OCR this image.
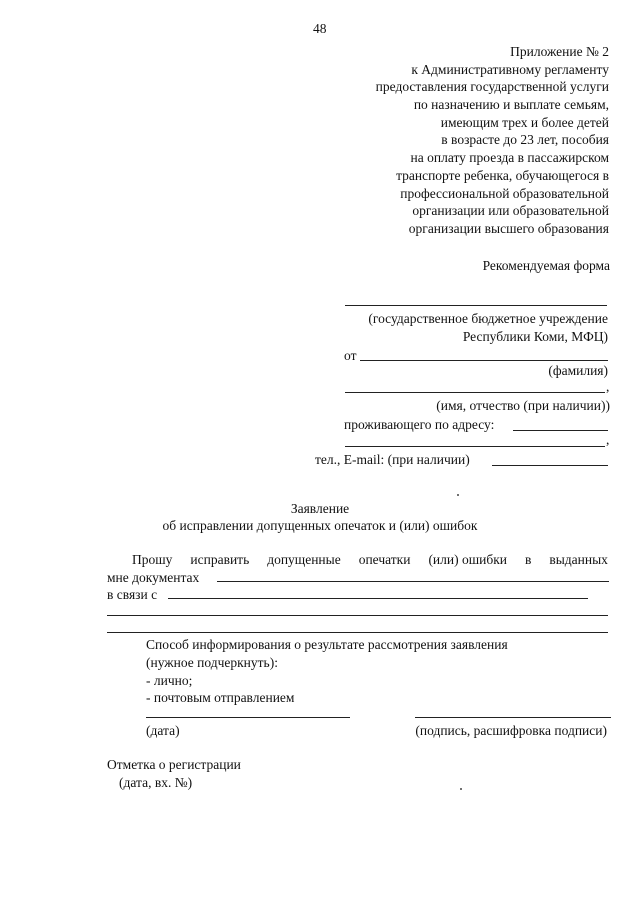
48
Приложение № 2
к Административному регламенту
предоставления государственной услуги
по назначению и выплате семьям,
имеющим трех и более детей
в возрасте до 23 лет, пособия
на оплату проезда в пассажирском
транспорте ребенка, обучающегося в
профессиональной образовательной
организации или образовательной
организации высшего образования
Рекомендуемая форма
(государственное бюджетное учреждение
Республики Коми, МФЦ)
от
(фамилия)
,
(имя, отчество (при наличии))
проживающего по адресу:
,
тел., E-mail: (при наличии)
Заявление
об исправлении допущенных опечаток и (или) ошибок
Прошу исправить допущенные опечатки (или) ошибки в выданных
мне документах
в связи с
Способ информирования о результате рассмотрения заявления
(нужное подчеркнуть):
- лично;
- почтовым отправлением
(дата)	(подпись, расшифровка подписи)
Отметка о регистрации
(дата, вх. №)
